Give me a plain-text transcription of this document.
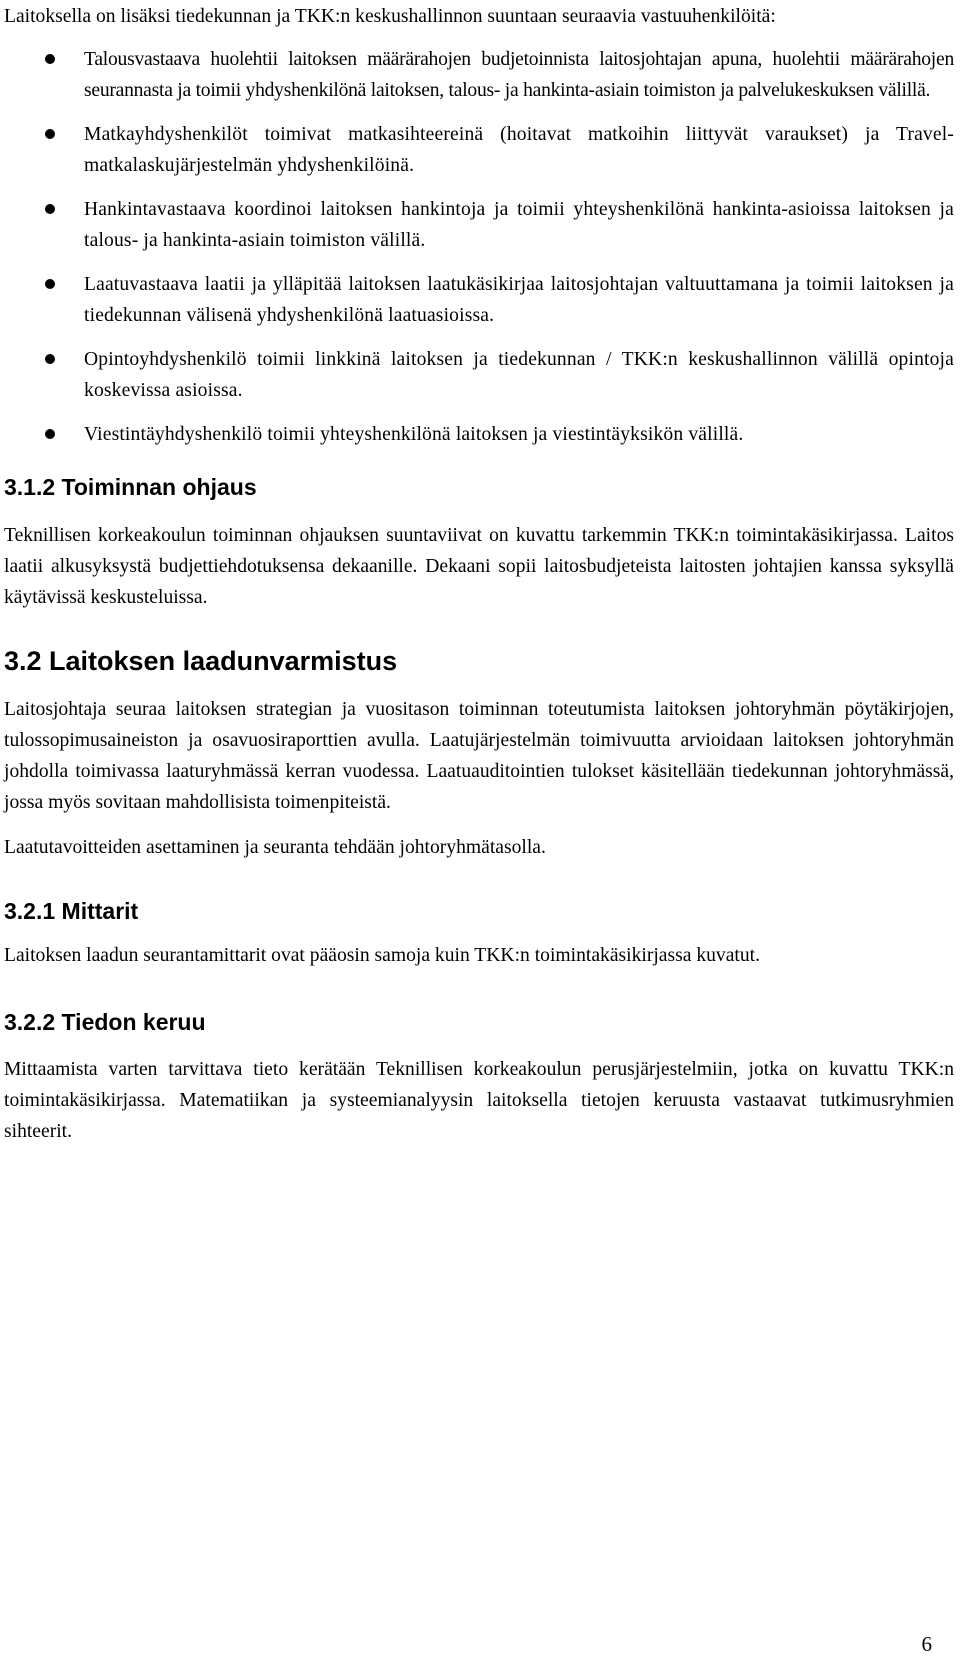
Laitoksella on lisäksi tiedekunnan ja TKK:n keskushallinnon suuntaan seuraavia vastuuhenkilöitä:

Talousvastaava huolehtii laitoksen määrärahojen budjetoinnista laitosjohtajan apuna, huolehtii määrärahojen seurannasta ja toimii yhdyshenkilönä laitoksen, talous- ja hankinta-asiain toimiston ja palvelukeskuksen välillä.
Matkayhdyshenkilöt toimivat matkasihteereinä (hoitavat matkoihin liittyvät varaukset) ja Travel-matkalaskujärjestelmän yhdyshenkilöinä.
Hankintavastaava koordinoi laitoksen hankintoja ja toimii yhteyshenkilönä hankinta-asioissa laitoksen ja talous- ja hankinta-asiain toimiston välillä.
Laatuvastaava laatii ja ylläpitää laitoksen laatukäsikirjaa laitosjohtajan valtuuttamana ja toimii laitoksen ja tiedekunnan välisenä yhdyshenkilönä laatuasioissa.
Opintoyhdyshenkilö toimii linkkinä laitoksen ja tiedekunnan / TKK:n keskushallinnon välillä opintoja koskevissa asioissa.
Viestintäyhdyshenkilö toimii yhteyshenkilönä laitoksen ja viestintäyksikön välillä.
3.1.2 Toiminnan ohjaus

Teknillisen korkeakoulun toiminnan ohjauksen suuntaviivat on kuvattu tarkemmin TKK:n toimintakäsikirjassa. Laitos laatii alkusyksystä budjettiehdotuksensa dekaanille. Dekaani sopii laitosbudjeteista laitosten johtajien kanssa syksyllä käytävissä keskusteluissa.

3.2 Laitoksen laadunvarmistus

Laitosjohtaja seuraa laitoksen strategian ja vuositason toiminnan toteutumista laitoksen johtoryhmän pöytäkirjojen, tulossopimusaineiston ja osavuosiraporttien avulla. Laatujärjestelmän toimivuutta arvioidaan laitoksen johtoryhmän johdolla toimivassa laaturyhmässä kerran vuodessa. Laatuauditointien tulokset käsitellään tiedekunnan johtoryhmässä, jossa myös sovitaan mahdollisista toimenpiteistä.

Laatutavoitteiden asettaminen ja seuranta tehdään johtoryhmätasolla.

3.2.1 Mittarit

Laitoksen laadun seurantamittarit ovat pääosin samoja kuin TKK:n toimintakäsikirjassa kuvatut.

3.2.2 Tiedon keruu

Mittaamista varten tarvittava tieto kerätään Teknillisen korkeakoulun perusjärjestelmiin, jotka on kuvattu TKK:n toimintakäsikirjassa. Matematiikan ja systeemianalyysin laitoksella tietojen keruusta vastaavat tutkimusryhmien sihteerit.

6
